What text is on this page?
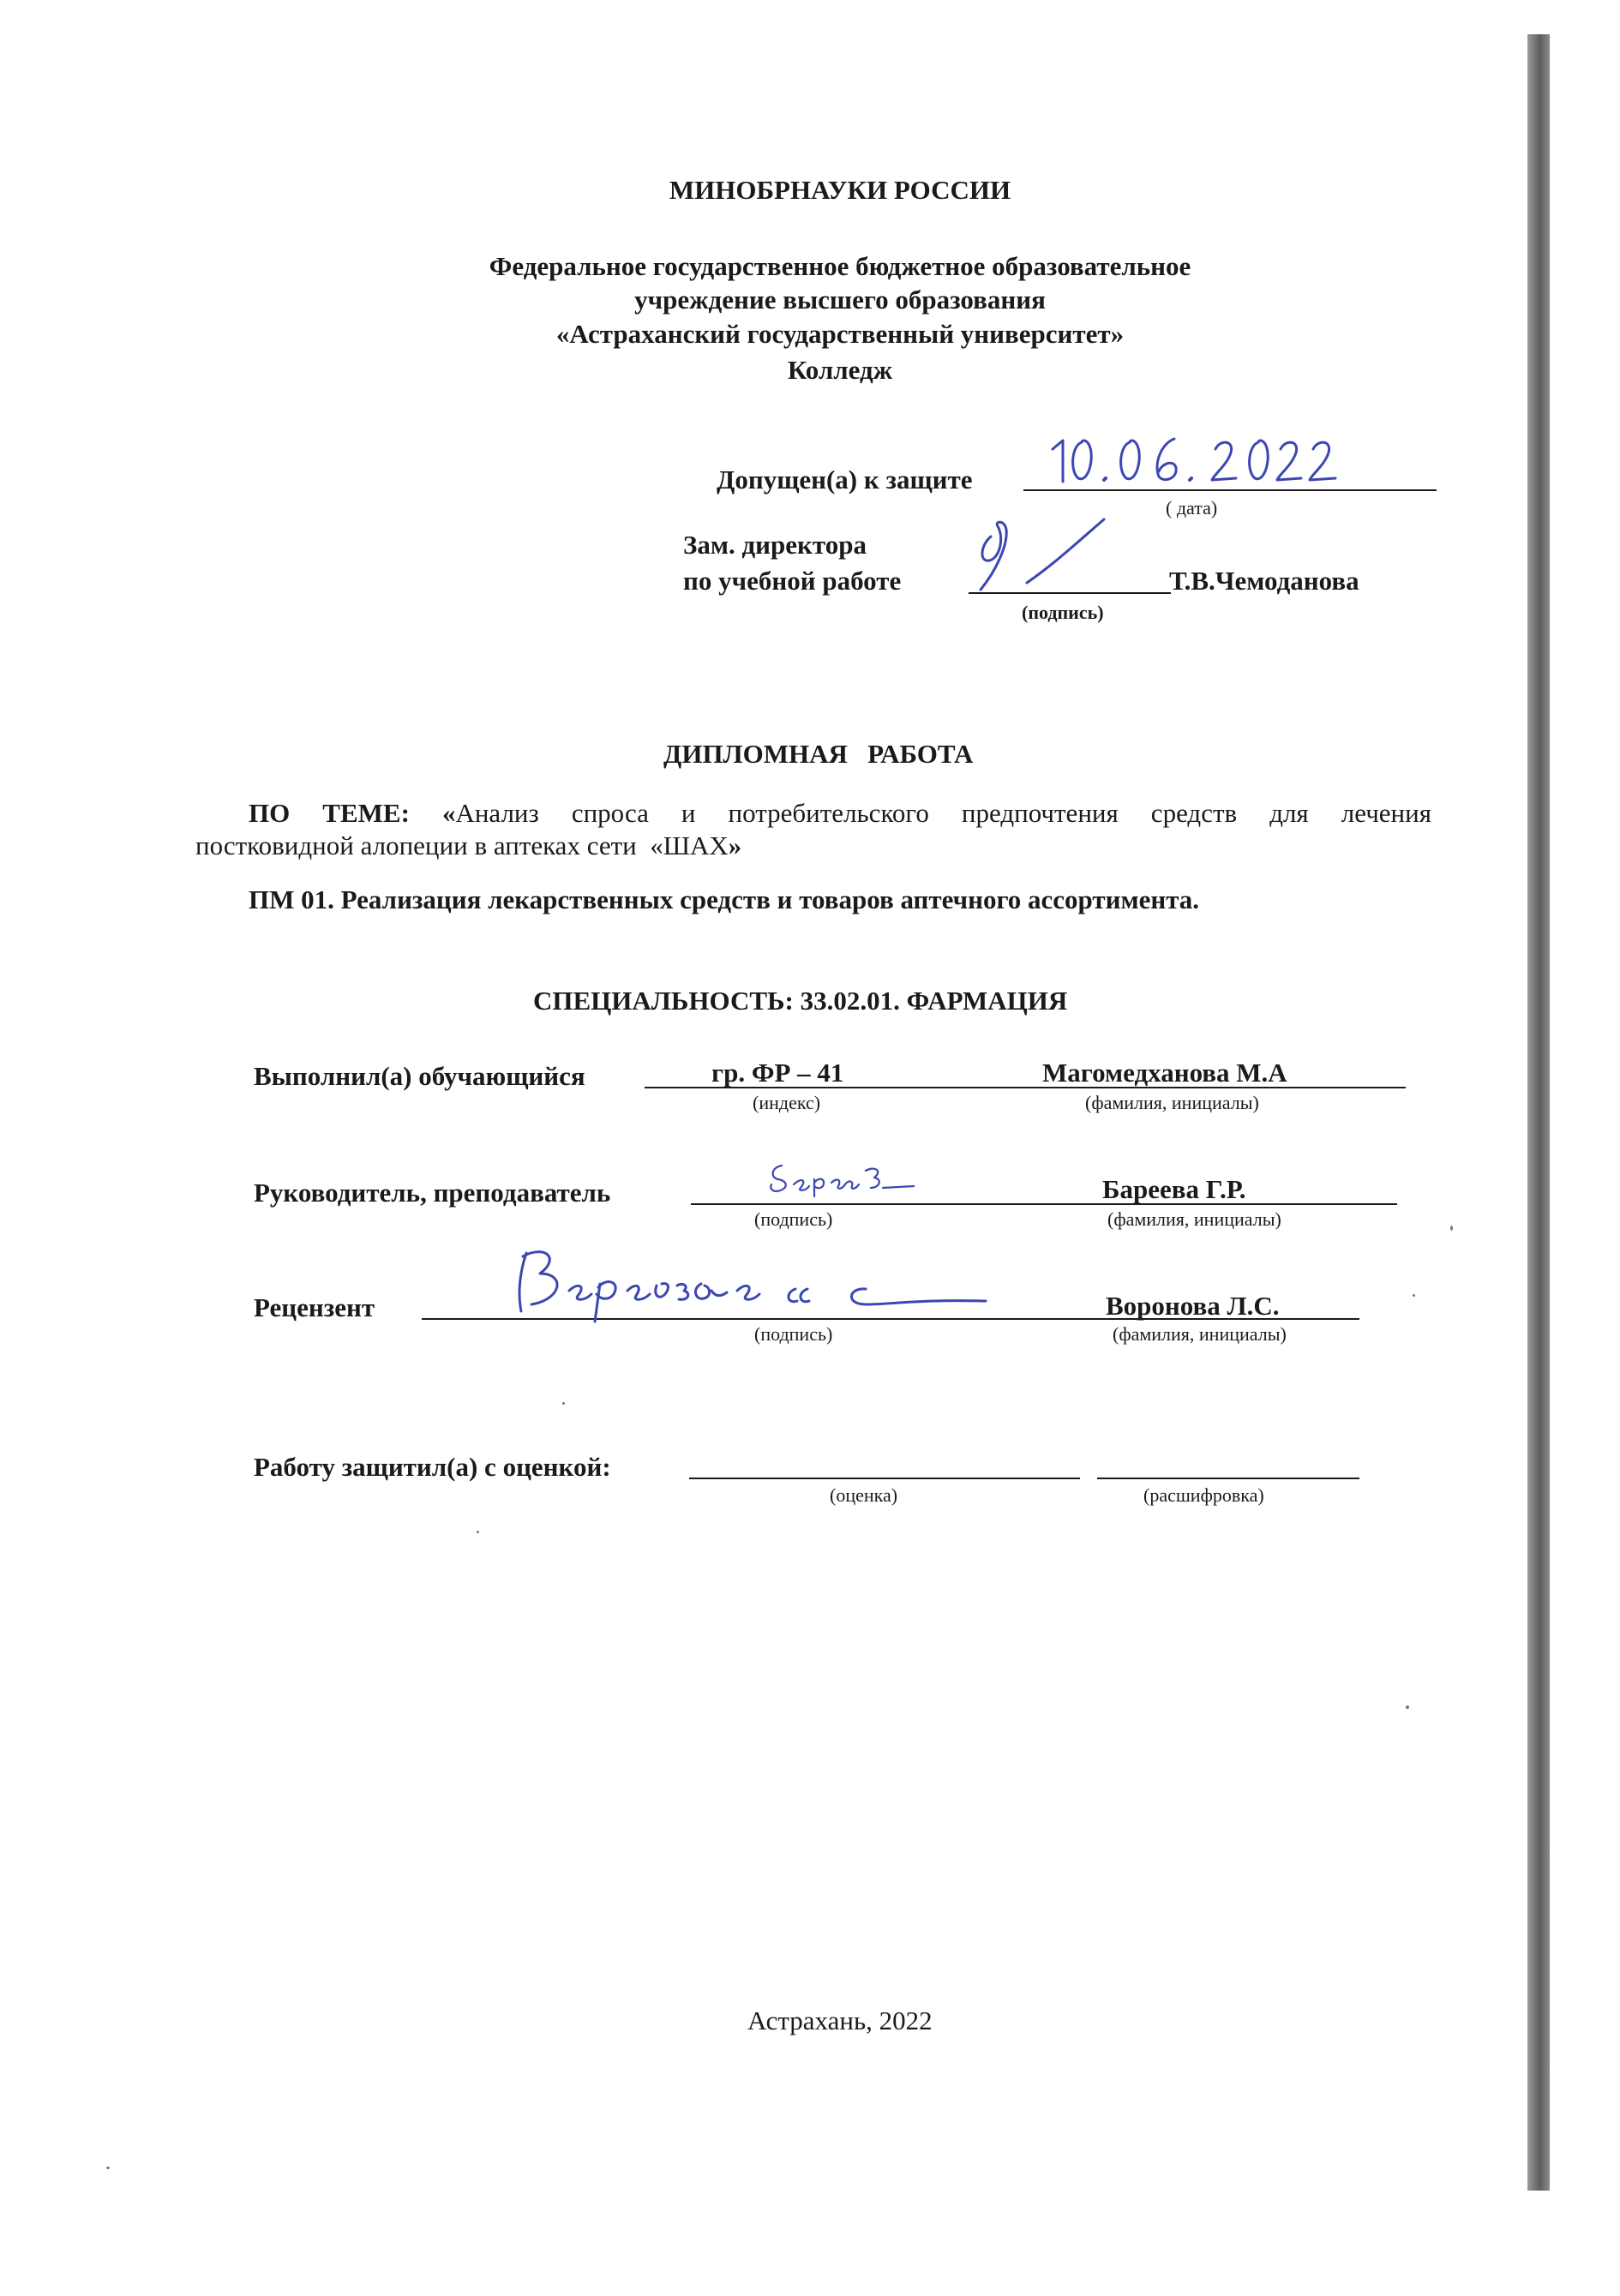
МИНОБРНАУКИ РОССИИ
Федеральное государственное бюджетное образовательное
учреждение высшего образования
«Астраханский государственный университет»
Колледж
Допущен(а) к защите
( дата)
Зам. директора
по учебной работе	Т.В.Чемоданова
(подпись)
ДИПЛОМНАЯ   РАБОТА
ПО ТЕМЕ: «Анализ спроса и потребительского предпочтения средств для лечения
постковидной алопеции в аптеках сети  «ШАХ»
ПМ 01. Реализация лекарственных средств и товаров аптечного ассортимента.
СПЕЦИАЛЬНОСТЬ: 33.02.01. ФАРМАЦИЯ
Выполнил(а) обучающийся	гр. ФР – 41	Магомедханова М.А
(индекс)	(фамилия, инициалы)
Руководитель, преподаватель	Бареева Г.Р.
(подпись)	(фамилия, инициалы)
Рецензент	Воронова Л.С.
(подпись)	(фамилия, инициалы)
Работу защитил(а) с оценкой:
(оценка)	(расшифровка)
Астрахань, 2022
